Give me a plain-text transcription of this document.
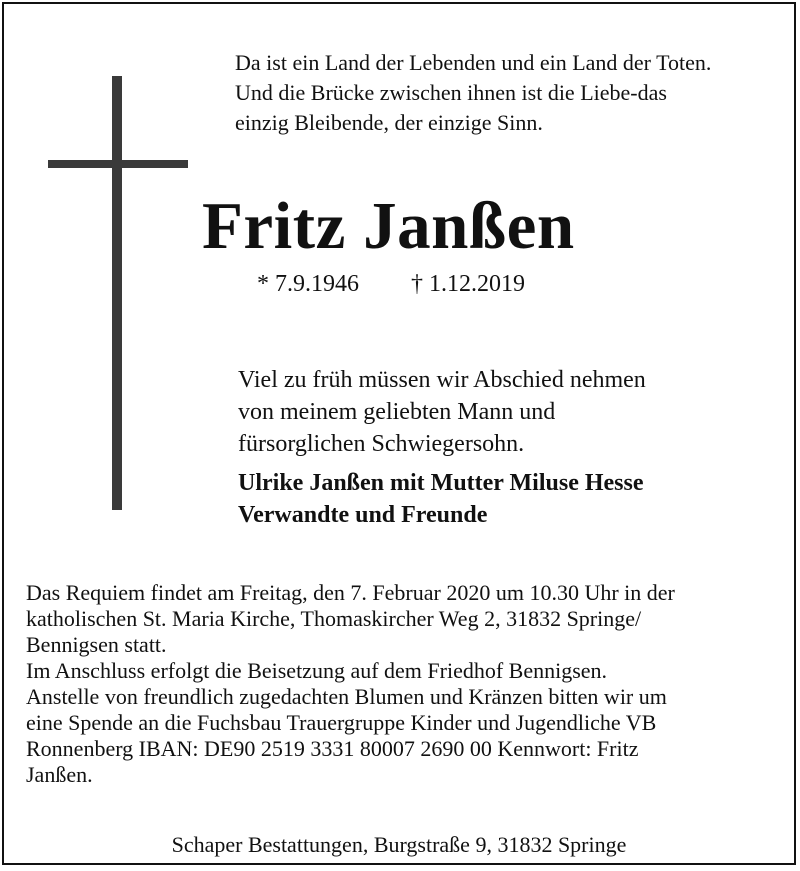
Da ist ein Land der Lebenden und ein Land der Toten.
Und die Brücke zwischen ihnen ist die Liebe-das
einzig Bleibende, der einzige Sinn.
Fritz Janßen
* 7.9.1946 † 1.12.2019
Viel zu früh müssen wir Abschied nehmen
von meinem geliebten Mann und
fürsorglichen Schwiegersohn.
Ulrike Janßen mit Mutter Miluse Hesse
Verwandte und Freunde
Das Requiem findet am Freitag, den 7. Februar 2020 um 10.30 Uhr in der
katholischen St. Maria Kirche, Thomaskircher Weg 2, 31832 Springe/
Bennigsen statt.
Im Anschluss erfolgt die Beisetzung auf dem Friedhof Bennigsen.
Anstelle von freundlich zugedachten Blumen und Kränzen bitten wir um
eine Spende an die Fuchsbau Trauergruppe Kinder und Jugendliche VB
Ronnenberg IBAN: DE90 2519 3331 80007 2690 00 Kennwort: Fritz
Janßen.
Schaper Bestattungen, Burgstraße 9, 31832 Springe
